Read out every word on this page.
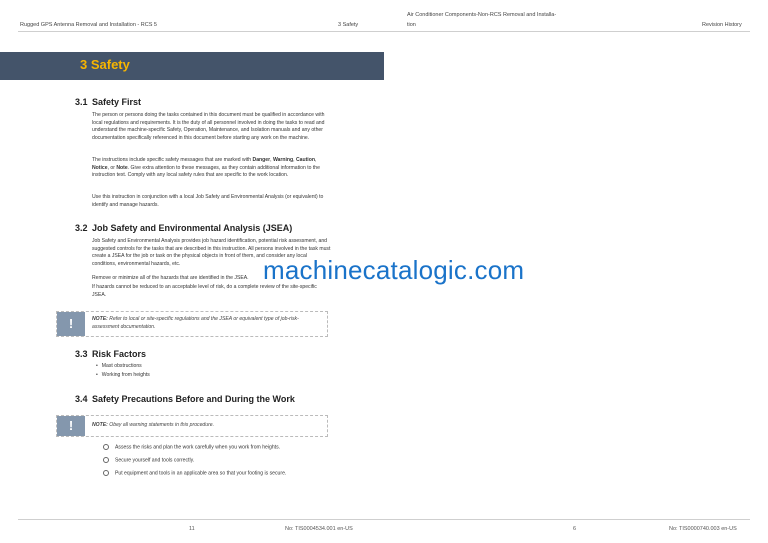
Rugged GPS Antenna Removal and Installation - RCS 5	3 Safety
Air Conditioner Components-Non-RCS Removal and Installa-
tion	Revision History
3 Safety
3.1 Safety First
The person or persons doing the tasks contained in this document must be qualified in accordance with local regulations and requirements. It is the duty of all personnel involved in doing the tasks to read and understand the machine-specific Safety, Operation, Maintenance, and Isolation manuals and any other documentation specifically referenced in this document before starting any work on the machine.
The instructions include specific safety messages that are marked with Danger, Warning, Caution, Notice, or Note. Give extra attention to these messages, as they contain additional information to the instruction text. Comply with any local safety rules that are specific to the work location.
Use this instruction in conjunction with a local Job Safety and Environmental Analysis (or equivalent) to identify and manage hazards.
3.2 Job Safety and Environmental Analysis (JSEA)
Job Safety and Environmental Analysis provides job hazard identification, potential risk assessment, and suggested controls for the tasks that are described in this instruction. All persons involved in the task must create a JSEA for the job or task on the physical objects in front of them, and consider any local conditions, environmental hazards, etc.
Remove or minimize all of the hazards that are identified in the JSEA.
If hazards cannot be reduced to an acceptable level of risk, do a complete review of the site-specific JSEA.
!	NOTE: Refer to local or site-specific regulations and the JSEA or equivalent type of job-risk-assessment documentation.
3.3 Risk Factors
• Mast obstructions
• Working from heights
3.4 Safety Precautions Before and During the Work
!	NOTE: Obey all warning statements in this procedure.
Assess the risks and plan the work carefully when you work from heights.
Secure yourself and tools correctly.
Put equipment and tools in an applicable area so that your footing is secure.
machinecatalogic.com
11	No: TIS0004534.001 en-US	6	No: TIS0000740.003 en-US
